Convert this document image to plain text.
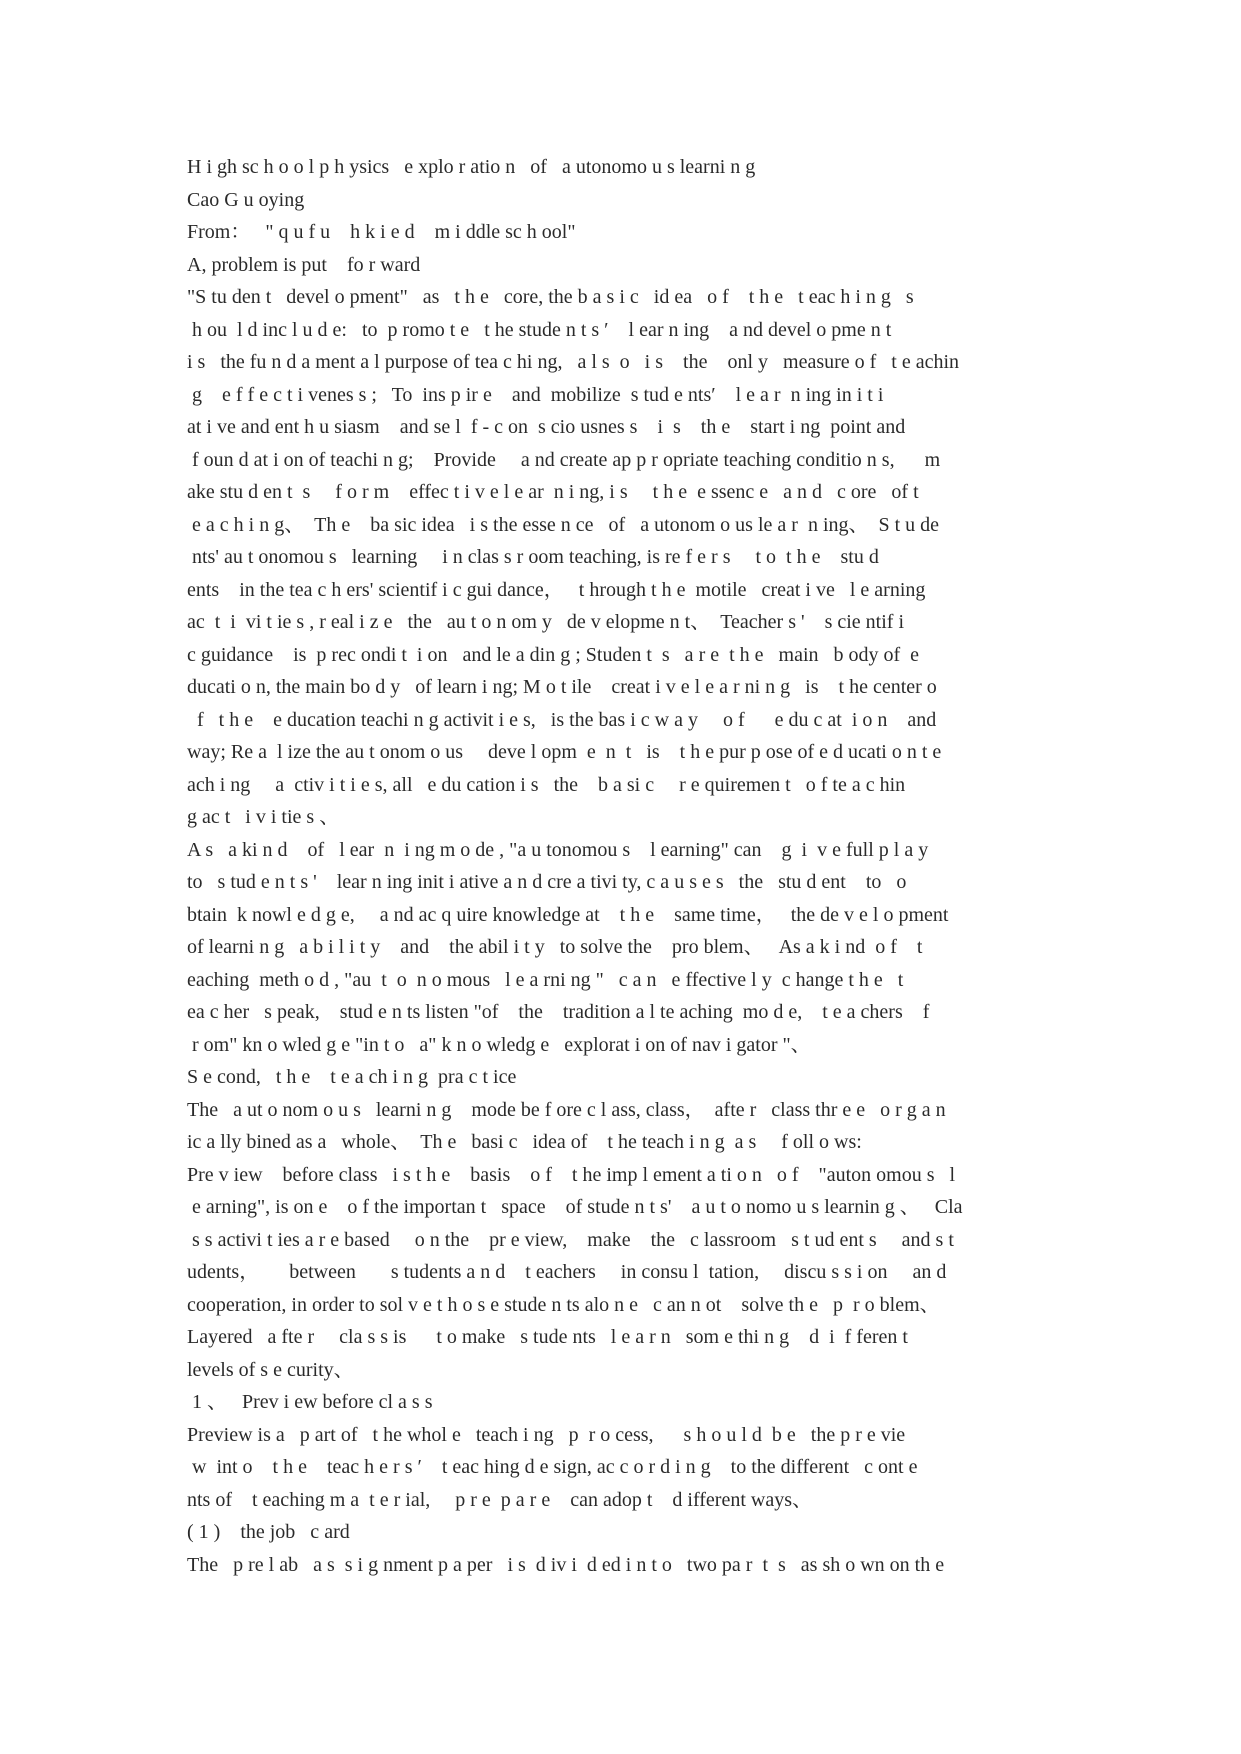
H i gh sc h o o l p h ysics   e xplo r atio n   of   a utonomo u s learni n g
Cao G u oying
From：   " q u f u    h k i e d    m i ddle sc h ool"
A, problem is put    fo r ward
"S tu den t   devel o pment"   as   t h e   core, the b a s i c   id ea   o f    t h e   t eac h i n g   s
h ou  l d inc l u d e:   to  p romo t e   t he stude n t s ′    l ear n ing    a nd devel o pme n t
i s   the fu n d a ment a l purpose of tea c hi ng,   a l s  o   i s    the    onl y   measure o f   t e achin
g    e f f e c t i venes s ;   To  ins p ir e    and  mobilize  s tud e nts′    l e a r  n ing in i t i
at i ve and ent h u siasm    and se l  f - c on  s cio usnes s    i  s    th e    start i ng  point and
f oun d at i on of teachi n g;    Provide     a nd create ap p r opriate teaching conditio n s,      m
ake stu d en t  s     f o r m    effec t i v e l e ar  n i ng, i s     t h e  e ssenc e   a n d   c ore   of t
e a c h i n g、  Th e    ba sic idea   i s the esse n ce   of   a utonom o us le a r  n ing、  S t u de
nts' au t onomou s   learning     i n clas s r oom teaching, is re f e r s     t o  t h e    stu d
ents    in the tea c h ers' scientif i c gui dance，   t hrough t h e  motile   creat i ve   l e arning
ac  t  i  vi t ie s , r eal i z e   the   au t o n om y   de v elopme n t、  Teacher s '    s cie ntif i
c guidance    is  p rec ondi t  i on   and le a din g ; Studen t  s   a r e  t h e   main   b ody of  e
ducati o n, the main bo d y   of learn i ng; M o t ile    creat i v e l e a r ni n g   is    t he center o
f   t h e    e ducation teachi n g activit i e s,   is the bas i c w a y     o f      e du c at  i o n    and
way; Re a  l ize the au t onom o us     deve l opm  e  n  t   is    t h e pur p ose of e d ucati o n t e
ach i ng     a  ctiv i t i e s, all   e du cation i s   the    b a si c     r e quiremen t   o f te a c hin
g ac t   i v i tie s 、
A s   a ki n d    of   l ear  n  i ng m o de , "a u tonomou s    l earning" can    g  i  v e full p l a y
to   s tud e n t s '    lear n ing init i ative a n d cre a tivi ty, c a u s e s   the   stu d ent    to   o
btain  k nowl e d g e,     a nd ac q uire knowledge at    t h e    same time，   the de v e l o pment
of learni n g   a b i l i t y    and    the abil i t y   to solve the    pro blem、   As a k i nd  o f    t
eaching  meth o d , "au  t  o  n o mous   l e a rni ng "   c a n   e ffective l y  c hange t h e   t
ea c her   s peak,    stud e n ts listen "of    the    tradition a l te aching  mo d e,    t e a chers    f
r om" kn o wled g e "in t o   a" k n o wledg e   explorat i on of nav i gator "、
S e cond,   t h e    t e a ch i n g  pra c t ice
The   a ut o nom o u s   learni n g    mode be f ore c l ass, class，  afte r   class thr e e   o r g a n
ic a lly bined as a   whole、  Th e   basi c   idea of    t he teach i n g  a s     f oll o ws:
Pre v iew    before class   i s t h e    basis    o f    t he imp l ement a ti o n   o f    "auton omou s   l
e arning", is on e    o f the importan t   space    of stude n t s'    a u t o nomo u s learnin g 、   Cla
s s activi t ies a r e based     o n the    pr e view,    make    the   c lassroom   s t ud ent s     and s t
udents，      between       s tudents a n d    t eachers     in consu l  tation,     discu s s i on     an d
cooperation, in order to sol v e t h o s e stude n ts alo n e   c an n ot    solve th e   p  r o blem、
Layered   a fte r     cla s s is      t o make   s tude nts   l e a r n   som e thi n g    d  i  f feren t
levels of s e curity、
1 、   Prev i ew before cl a s s
Preview is a   p art of   t he whol e   teach i ng   p  r o cess,      s h o u l d  b e   the p r e vie
w  int o    t h e    teac h e r s ′    t eac hing d e sign, ac c o r d i n g    to the different   c ont e
nts of    t eaching m a  t e r ial,     p r e  p a r e    can adop t    d ifferent ways、
( 1 )    the job   c ard
The   p re l ab   a s  s i g nment p a per   i s  d iv i  d ed i n t o   two pa r  t  s   as sh o wn on th e
